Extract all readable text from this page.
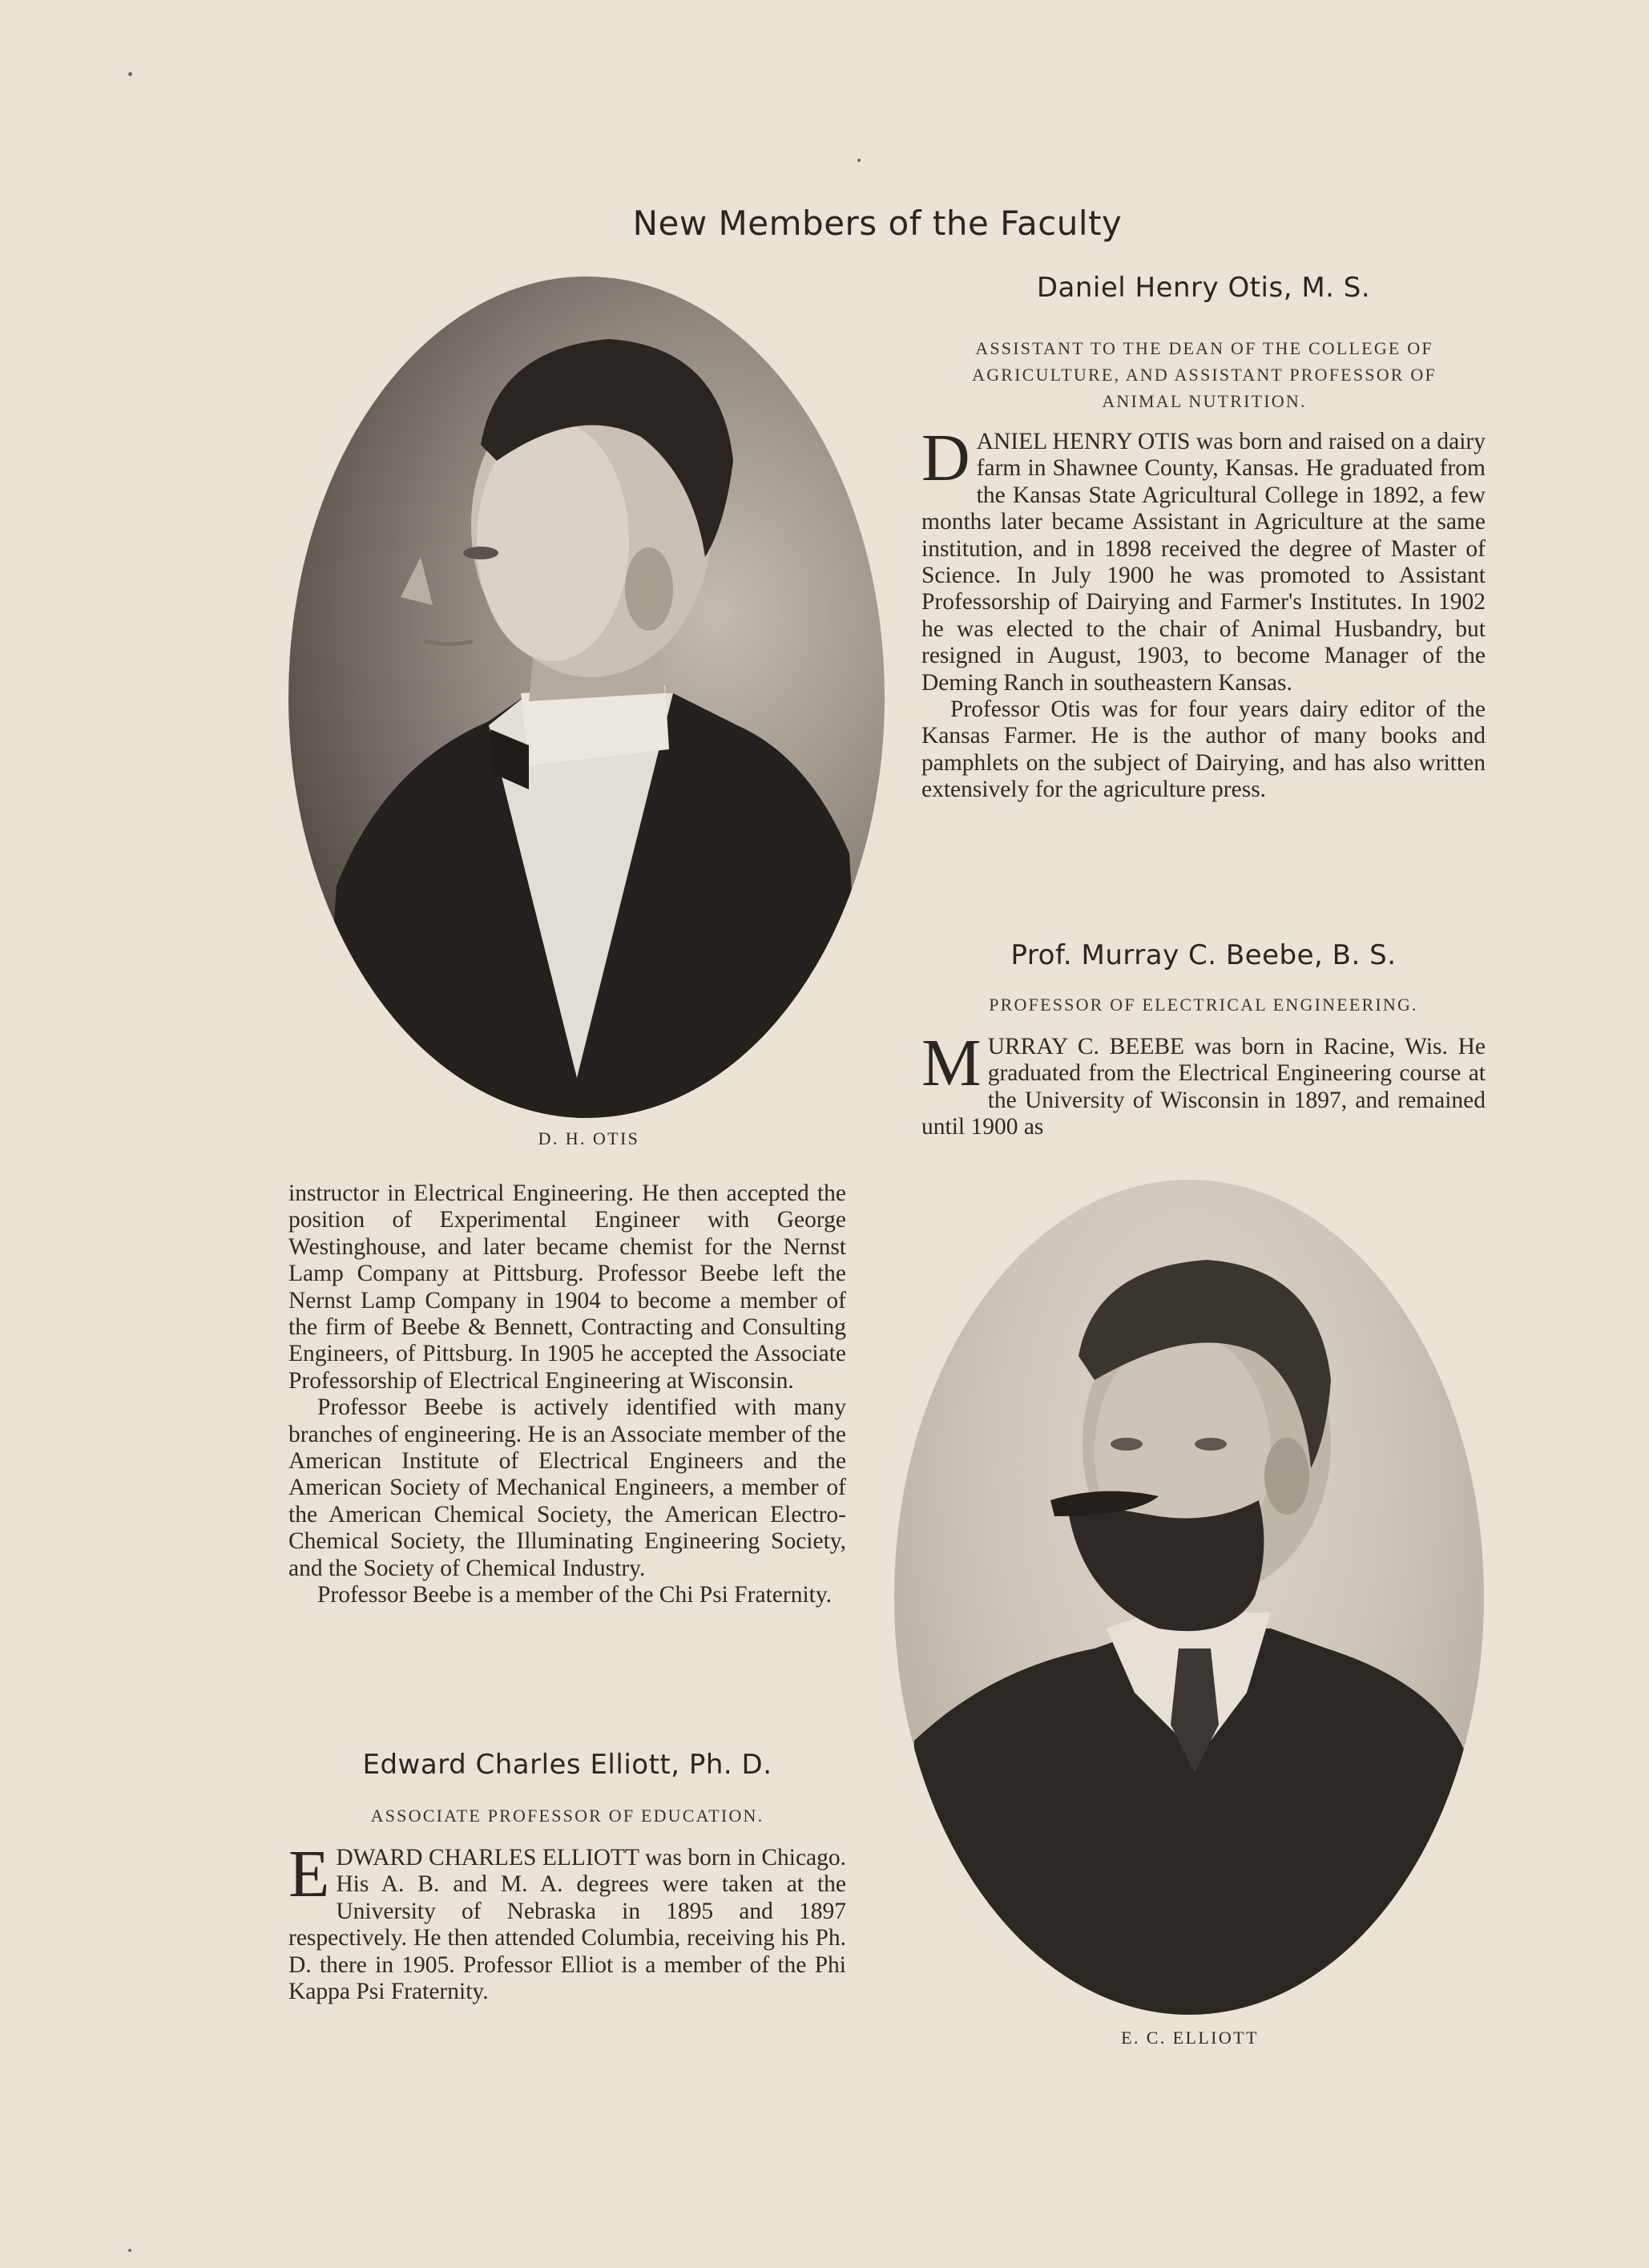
New Members of the Faculty
D. H. OTIS
Daniel Henry Otis, M. S.
ASSISTANT TO THE DEAN OF THE COLLEGE OF AGRICULTURE, AND ASSISTANT PROFESSOR OF ANIMAL NUTRITION.

DANIEL HENRY OTIS was born and raised on a dairy farm in Shawnee County, Kansas. He graduated from the Kansas State Agricultural College in 1892, a few months later became Assistant in Agriculture at the same institution, and in 1898 received the degree of Master of Science. In July 1900 he was promoted to Assistant Professorship of Dairying and Farmer's Institutes. In 1902 he was elected to the chair of Animal Husbandry, but resigned in August, 1903, to become Manager of the Deming Ranch in southeastern Kansas.

Professor Otis was for four years dairy editor of the Kansas Farmer. He is the author of many books and pamphlets on the subject of Dairying, and has also written extensively for the agriculture press.

Prof. Murray C. Beebe, B. S.
PROFESSOR OF ELECTRICAL ENGINEERING.

MURRAY C. BEEBE was born in Racine, Wis. He graduated from the Electrical Engineering course at the University of Wisconsin in 1897, and remained until 1900 as

instructor in Electrical Engineering. He then accepted the position of Experimental Engineer with George Westinghouse, and later became chemist for the Nernst Lamp Company at Pittsburg. Professor Beebe left the Nernst Lamp Company in 1904 to become a member of the firm of Beebe & Bennett, Contracting and Consulting Engineers, of Pittsburg. In 1905 he accepted the Associate Professorship of Electrical Engineering at Wisconsin.

Professor Beebe is actively identified with many branches of engineering. He is an Associate member of the American Institute of Electrical Engineers and the American Society of Mechanical Engineers, a member of the American Chemical Society, the American Electro-Chemical Society, the Illuminating Engineering Society, and the Society of Chemical Industry.

Professor Beebe is a member of the Chi Psi Fraternity.

Edward Charles Elliott, Ph. D.
ASSOCIATE PROFESSOR OF EDUCATION.

EDWARD CHARLES ELLIOTT was born in Chicago. His A. B. and M. A. degrees were taken at the University of Nebraska in 1895 and 1897 respectively. He then attended Columbia, receiving his Ph. D. there in 1905. Professor Elliot is a member of the Phi Kappa Psi Fraternity.

E. C. ELLIOTT
